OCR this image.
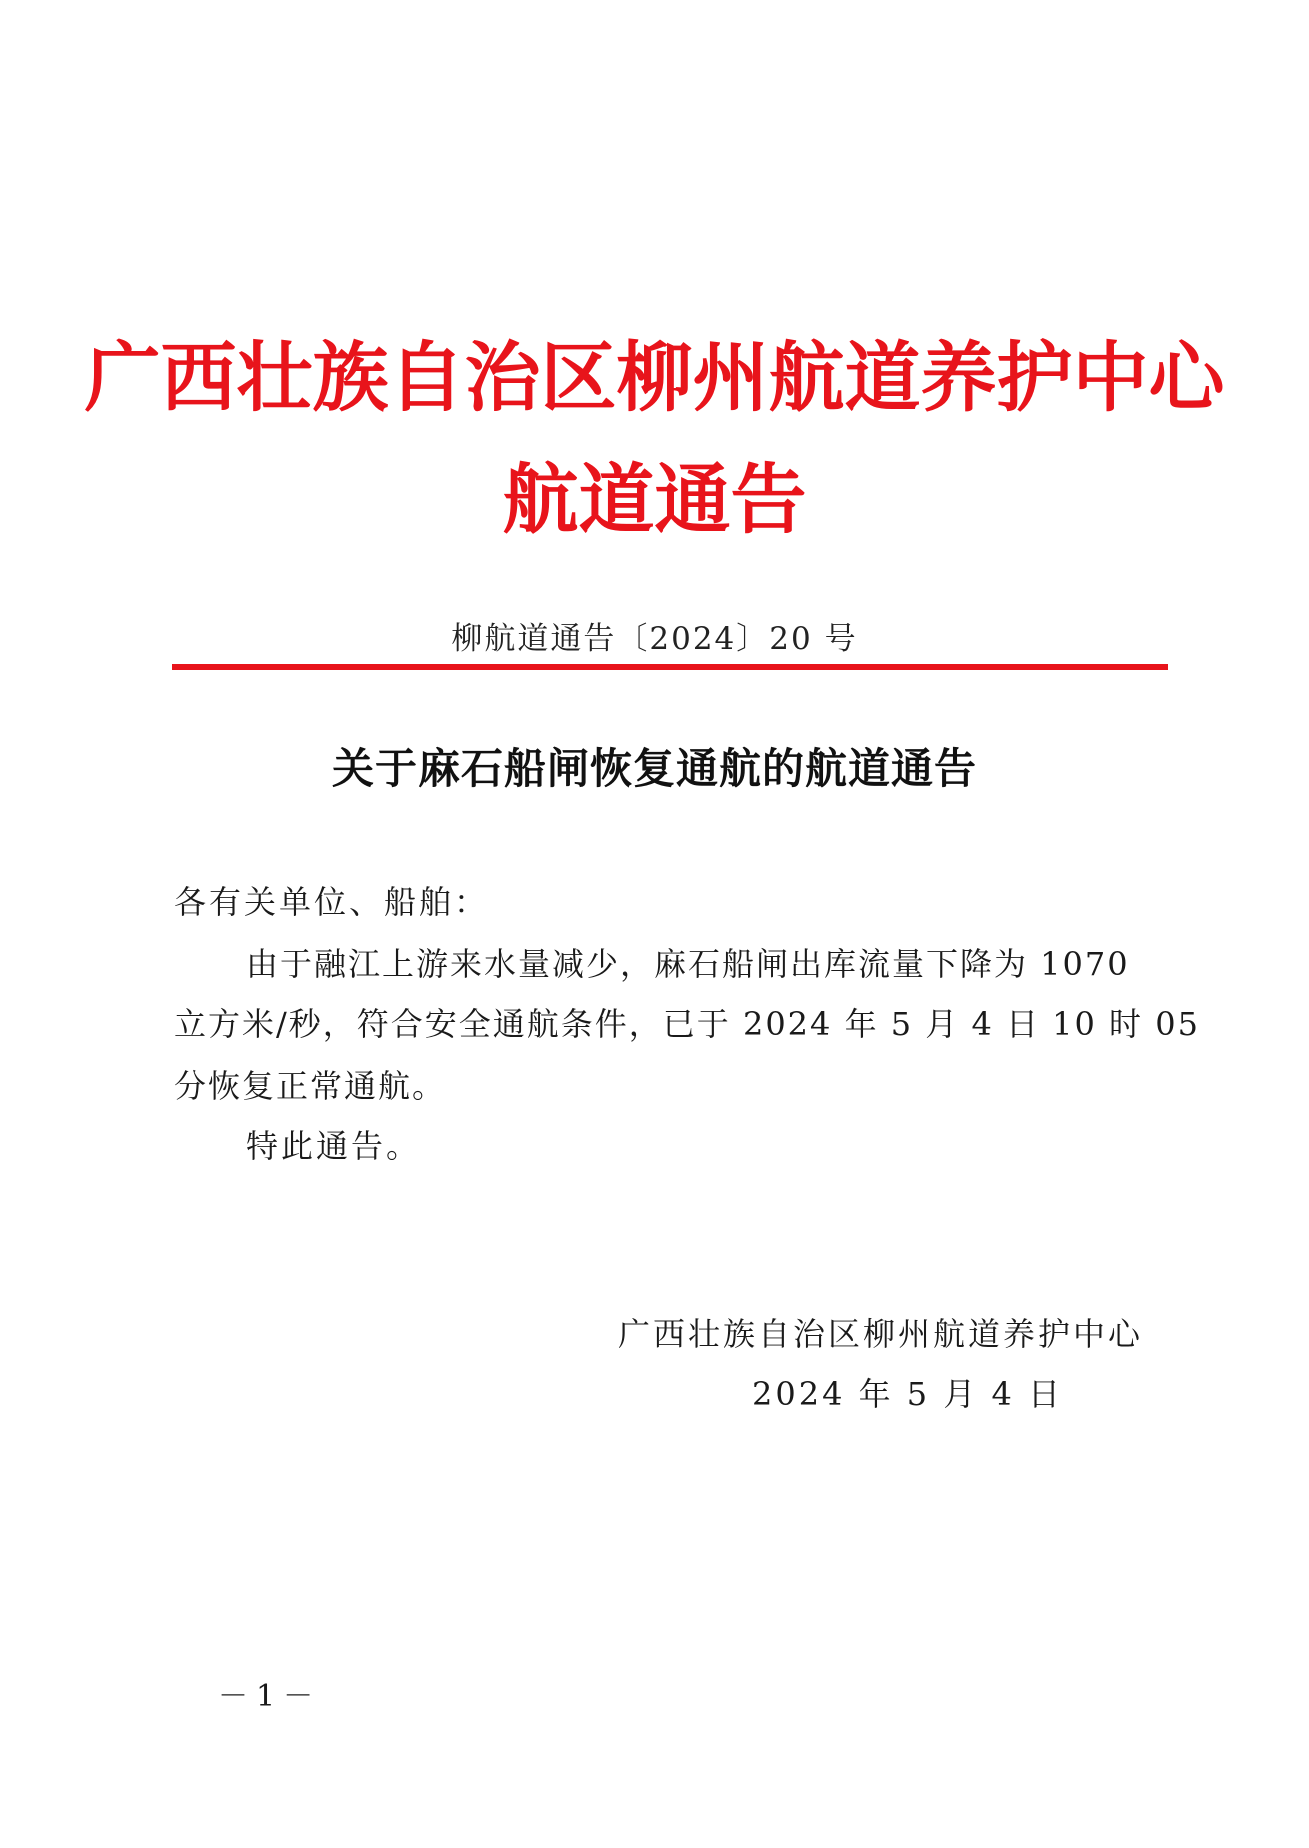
广西壮族自治区柳州航道养护中心
航道通告
柳航道通告〔2024〕20 号
关于麻石船闸恢复通航的航道通告
各有关单位、船舶：
由于融江上游来水量减少，麻石船闸出库流量下降为 1070
立方米/秒，符合安全通航条件，已于 2024 年 5 月 4 日 10 时 05
分恢复正常通航。
特此通告。
广西壮族自治区柳州航道养护中心
2024 年 5 月 4 日
－1－
